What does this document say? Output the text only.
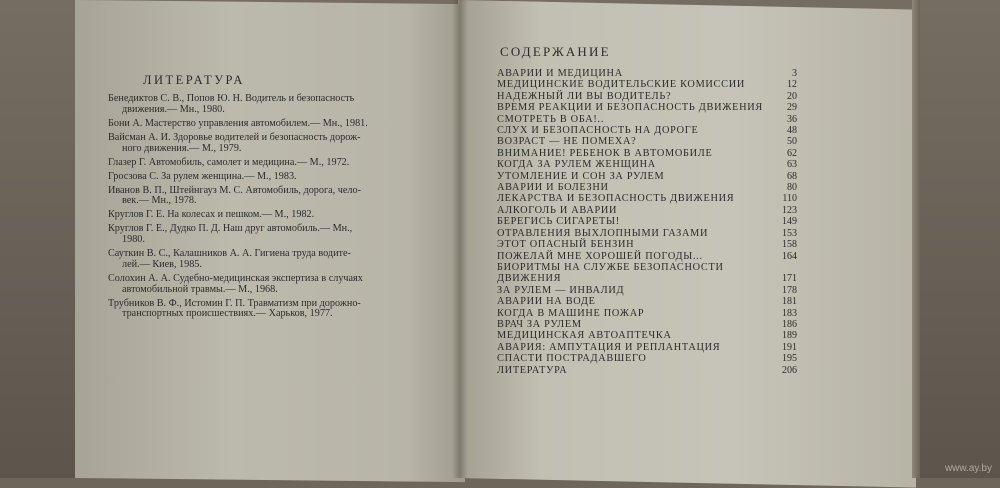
ЛИТЕРАТУРА
Бенедиктов С. В., Попов Ю. Н. Водитель и безопасность
движения.— Мн., 1980.
Бони А. Мастерство управления автомобилем.— Мн., 1981.
Вайсман А. И. Здоровье водителей и безопасность дорож-
ного движения.— М., 1979.
Глазер Г. Автомобиль, самолет и медицина.— М., 1972.
Гросзова С. За рулем женщина.— М., 1983.
Иванов В. П., Штейнгауз М. С. Автомобиль, дорога, чело-
век.— Мн., 1978.
Круглов Г. Е. На колесах и пешком.— М., 1982.
Круглов Г. Е., Дудко П. Д. Наш друг автомобиль.— Мн.,
1980.
Сауткин В. С., Калашников А. А. Гигиена труда водите-
лей.— Киев, 1985.
Солохин А. А. Судебно-медицинская экспертиза в случаях
автомобильной травмы.— М., 1968.
Трубников В. Ф., Истомин Г. П. Травматизм при дорожно-
транспортных происшествиях.— Харьков, 1977.
СОДЕРЖАНИЕ
АВАРИИ И МЕДИЦИНА	3
МЕДИЦИНСКИЕ ВОДИТЕЛЬСКИЕ КОМИССИИ	12
НАДЕЖНЫЙ ЛИ ВЫ ВОДИТЕЛЬ?	20
ВРЕМЯ РЕАКЦИИ И БЕЗОПАСНОСТЬ ДВИЖЕНИЯ	29
СМОТРЕТЬ В ОБА!..	36
СЛУХ И БЕЗОПАСНОСТЬ НА ДОРОГЕ	48
ВОЗРАСТ — НЕ ПОМЕХА?	50
ВНИМАНИЕ! РЕБЕНОК В АВТОМОБИЛЕ	62
КОГДА ЗА РУЛЕМ ЖЕНЩИНА	63
УТОМЛЕНИЕ И СОН ЗА РУЛЕМ	68
АВАРИИ И БОЛЕЗНИ	80
ЛЕКАРСТВА И БЕЗОПАСНОСТЬ ДВИЖЕНИЯ	110
АЛКОГОЛЬ И АВАРИИ	123
БЕРЕГИСЬ СИГАРЕТЫ!	149
ОТРАВЛЕНИЯ ВЫХЛОПНЫМИ ГАЗАМИ	153
ЭТОТ ОПАСНЫЙ БЕНЗИН	158
ПОЖЕЛАЙ МНЕ ХОРОШЕЙ ПОГОДЫ...	164
БИОРИТМЫ НА СЛУЖБЕ БЕЗОПАСНОСТИ
ДВИЖЕНИЯ	171
ЗА РУЛЕМ — ИНВАЛИД	178
АВАРИИ НА ВОДЕ	181
КОГДА В МАШИНЕ ПОЖАР	183
ВРАЧ ЗА РУЛЕМ	186
МЕДИЦИНСКАЯ АВТОАПТЕЧКА	189
АВАРИЯ: АМПУТАЦИЯ И РЕПЛАНТАЦИЯ	191
СПАСТИ ПОСТРАДАВШЕГО	195
ЛИТЕРАТУРА	206
www.ay.by
